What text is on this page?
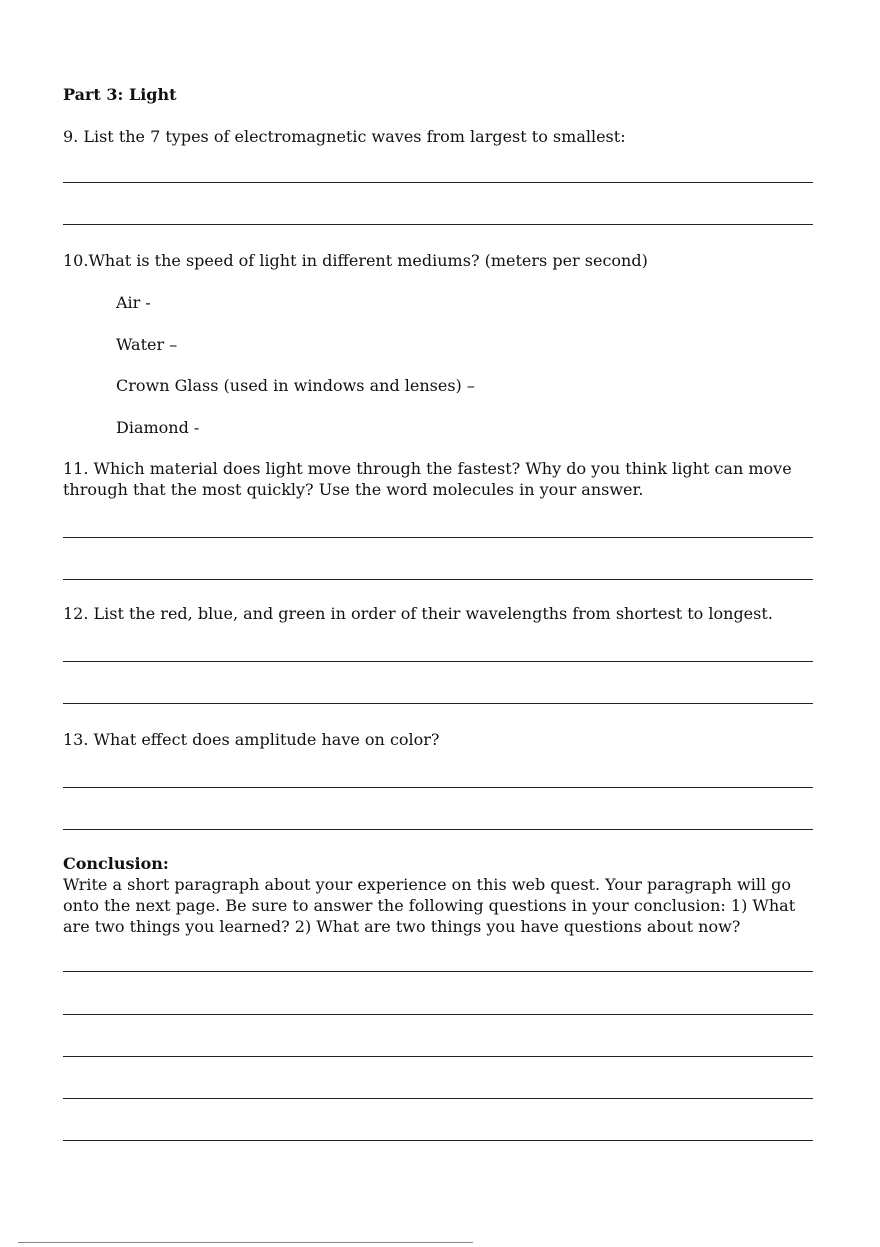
Part 3: Light

9. List the 7 types of electromagnetic waves from largest to smallest:

10.What is the speed of light in different mediums? (meters per second)

Air -

Water –

Crown Glass (used in windows and lenses) –

Diamond -

11. Which material does light move through the fastest? Why do you think light can move through that the most quickly? Use the word molecules in your answer.

12. List the red, blue, and green in order of their wavelengths from shortest to longest.

13. What effect does amplitude have on color?

Conclusion:

Write a short paragraph about your experience on this web quest. Your paragraph will go onto the next page. Be sure to answer the following questions in your conclusion: 1) What are two things you learned? 2) What are two things you have questions about now?
